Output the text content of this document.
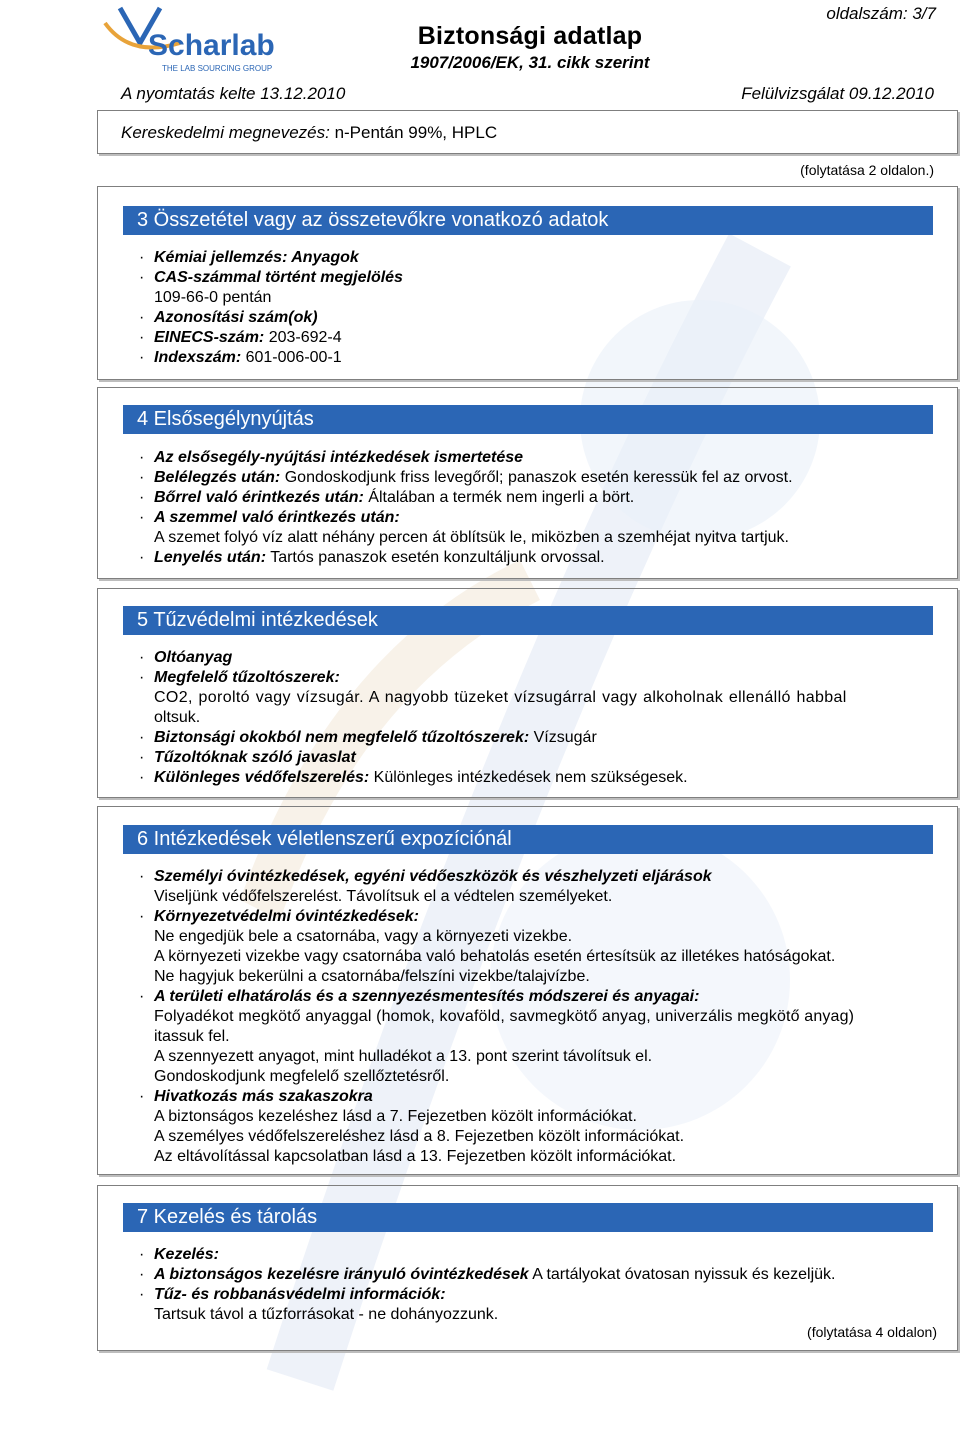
Scharlab
THE LAB SOURCING GROUP
oldalszám: 3/7
Biztonsági adatlap
1907/2006/EK, 31. cikk szerint
A nyomtatás kelte 13.12.2010	Felülvizsgálat 09.12.2010
Kereskedelmi megnevezés: n-Pentán 99%, HPLC
(folytatása 2 oldalon.)
3 Összetétel vagy az összetevőkre vonatkozó adatok
· Kémiai jellemzés: Anyagok
· CAS-számmal történt megjelölés
109-66-0 pentán
· Azonosítási szám(ok)
· EINECS-szám: 203-692-4
· Indexszám: 601-006-00-1
4 Elsősegélynyújtás
· Az elsősegély-nyújtási intézkedések ismertetése
· Belélegzés után: Gondoskodjunk friss levegőről; panaszok esetén keressük fel az orvost.
· Bőrrel való érintkezés után: Általában a termék nem ingerli a bört.
· A szemmel való érintkezés után:
A szemet folyó víz alatt néhány percen át öblítsük le, miközben a szemhéjat nyitva tartjuk.
· Lenyelés után: Tartós panaszok esetén konzultáljunk orvossal.
5 Tűzvédelmi intézkedések
· Oltóanyag
· Megfelelő tűzoltószerek:
CO2, poroltó vagy vízsugár. A nagyobb tüzeket vízsugárral vagy alkoholnak ellenálló habbal
oltsuk.
· Biztonsági okokból nem megfelelő tűzoltószerek: Vízsugár
· Tűzoltóknak szóló javaslat
· Különleges védőfelszerelés: Különleges intézkedések nem szükségesek.
6 Intézkedések véletlenszerű expozíciónál
· Személyi óvintézkedések, egyéni védőeszközök és vészhelyzeti eljárások
Viseljünk védőfelszerelést. Távolítsuk el a védtelen személyeket.
· Környezetvédelmi óvintézkedések:
Ne engedjük bele a csatornába, vagy a környezeti vizekbe.
A környezeti vizekbe vagy csatornába való behatolás esetén értesítsük az illetékes hatóságokat.
Ne hagyjuk bekerülni a csatornába/felszíni vizekbe/talajvízbe.
· A területi elhatárolás és a szennyezésmentesítés módszerei és anyagai:
Folyadékot megkötő anyaggal (homok, kovaföld, savmegkötő anyag, univerzális megkötő anyag)
itassuk fel.
A szennyezett anyagot, mint hulladékot a 13. pont szerint távolítsuk el.
Gondoskodjunk megfelelő szellőztetésről.
· Hivatkozás más szakaszokra
A biztonságos kezeléshez lásd a 7. Fejezetben közölt információkat.
A személyes védőfelszereléshez lásd a 8. Fejezetben közölt információkat.
Az eltávolítással kapcsolatban lásd a 13. Fejezetben közölt információkat.
7 Kezelés és tárolás
· Kezelés:
· A biztonságos kezelésre irányuló óvintézkedések A tartályokat óvatosan nyissuk és kezeljük.
· Tűz- és robbanásvédelmi információk:
Tartsuk távol a tűzforrásokat - ne dohányozzunk.
(folytatása 4 oldalon)
